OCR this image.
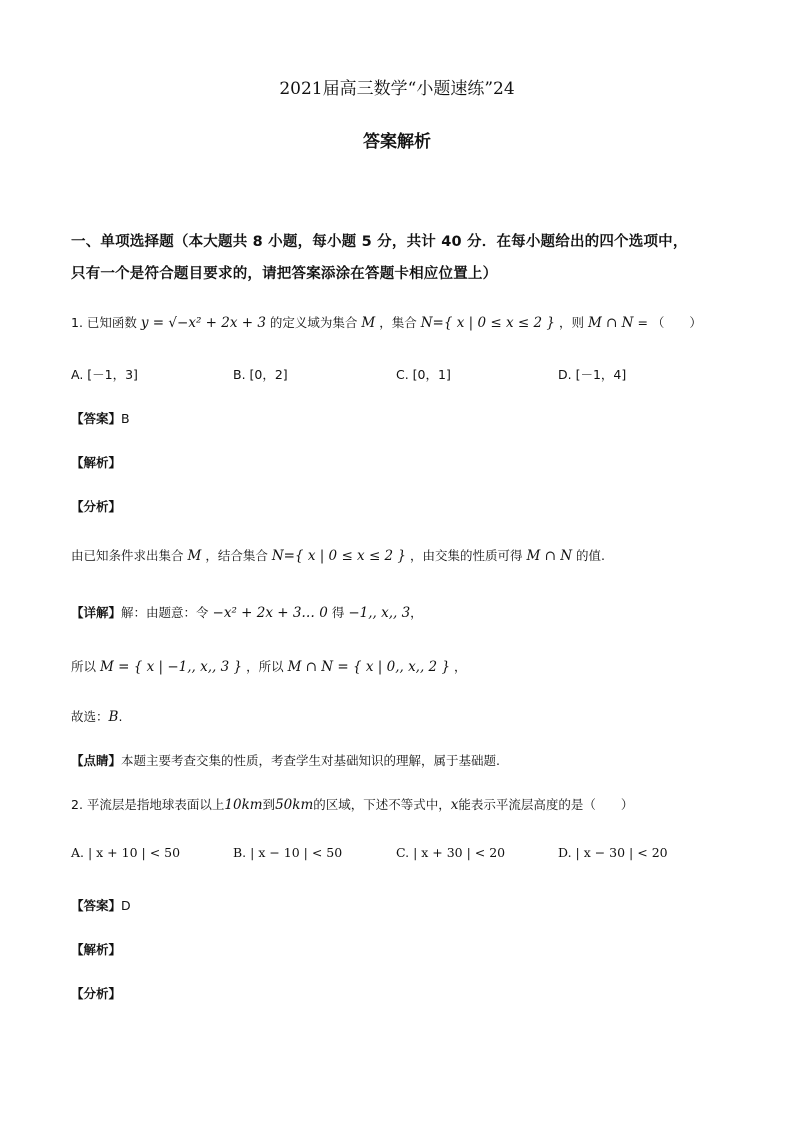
2021届高三数学“小题速练”24
答案解析
一、单项选择题（本大题共 8 小题，每小题 5 分，共计 40 分．在每小题给出的四个选项中，
只有一个是符合题目要求的，请把答案添涂在答题卡相应位置上）
1. 已知函数 y = √−x² + 2x + 3 的定义域为集合 M ，集合 N={ x | 0 ≤ x ≤ 2 } ，则 M ∩ N = （　　）
A. [－1，3]	B. [0，2]	C. [0，1]	D. [－1，4]
【答案】B
【解析】
【分析】
由已知条件求出集合 M ，结合集合 N={ x | 0 ≤ x ≤ 2 } ，由交集的性质可得 M ∩ N 的值.
【详解】解：由题意：令 −x² + 2x + 3… 0 得 −1,, x,, 3，
所以 M = { x | −1,, x,, 3 } ，所以 M ∩ N = { x | 0,, x,, 2 } ，
故选：B.
【点睛】本题主要考查交集的性质，考查学生对基础知识的理解，属于基础题.
2. 平流层是指地球表面以上10km到50km的区域，下述不等式中，x能表示平流层高度的是（　　）
A. | x + 10 | < 50	B. | x − 10 | < 50	C. | x + 30 | < 20	D. | x − 30 | < 20
【答案】D
【解析】
【分析】
